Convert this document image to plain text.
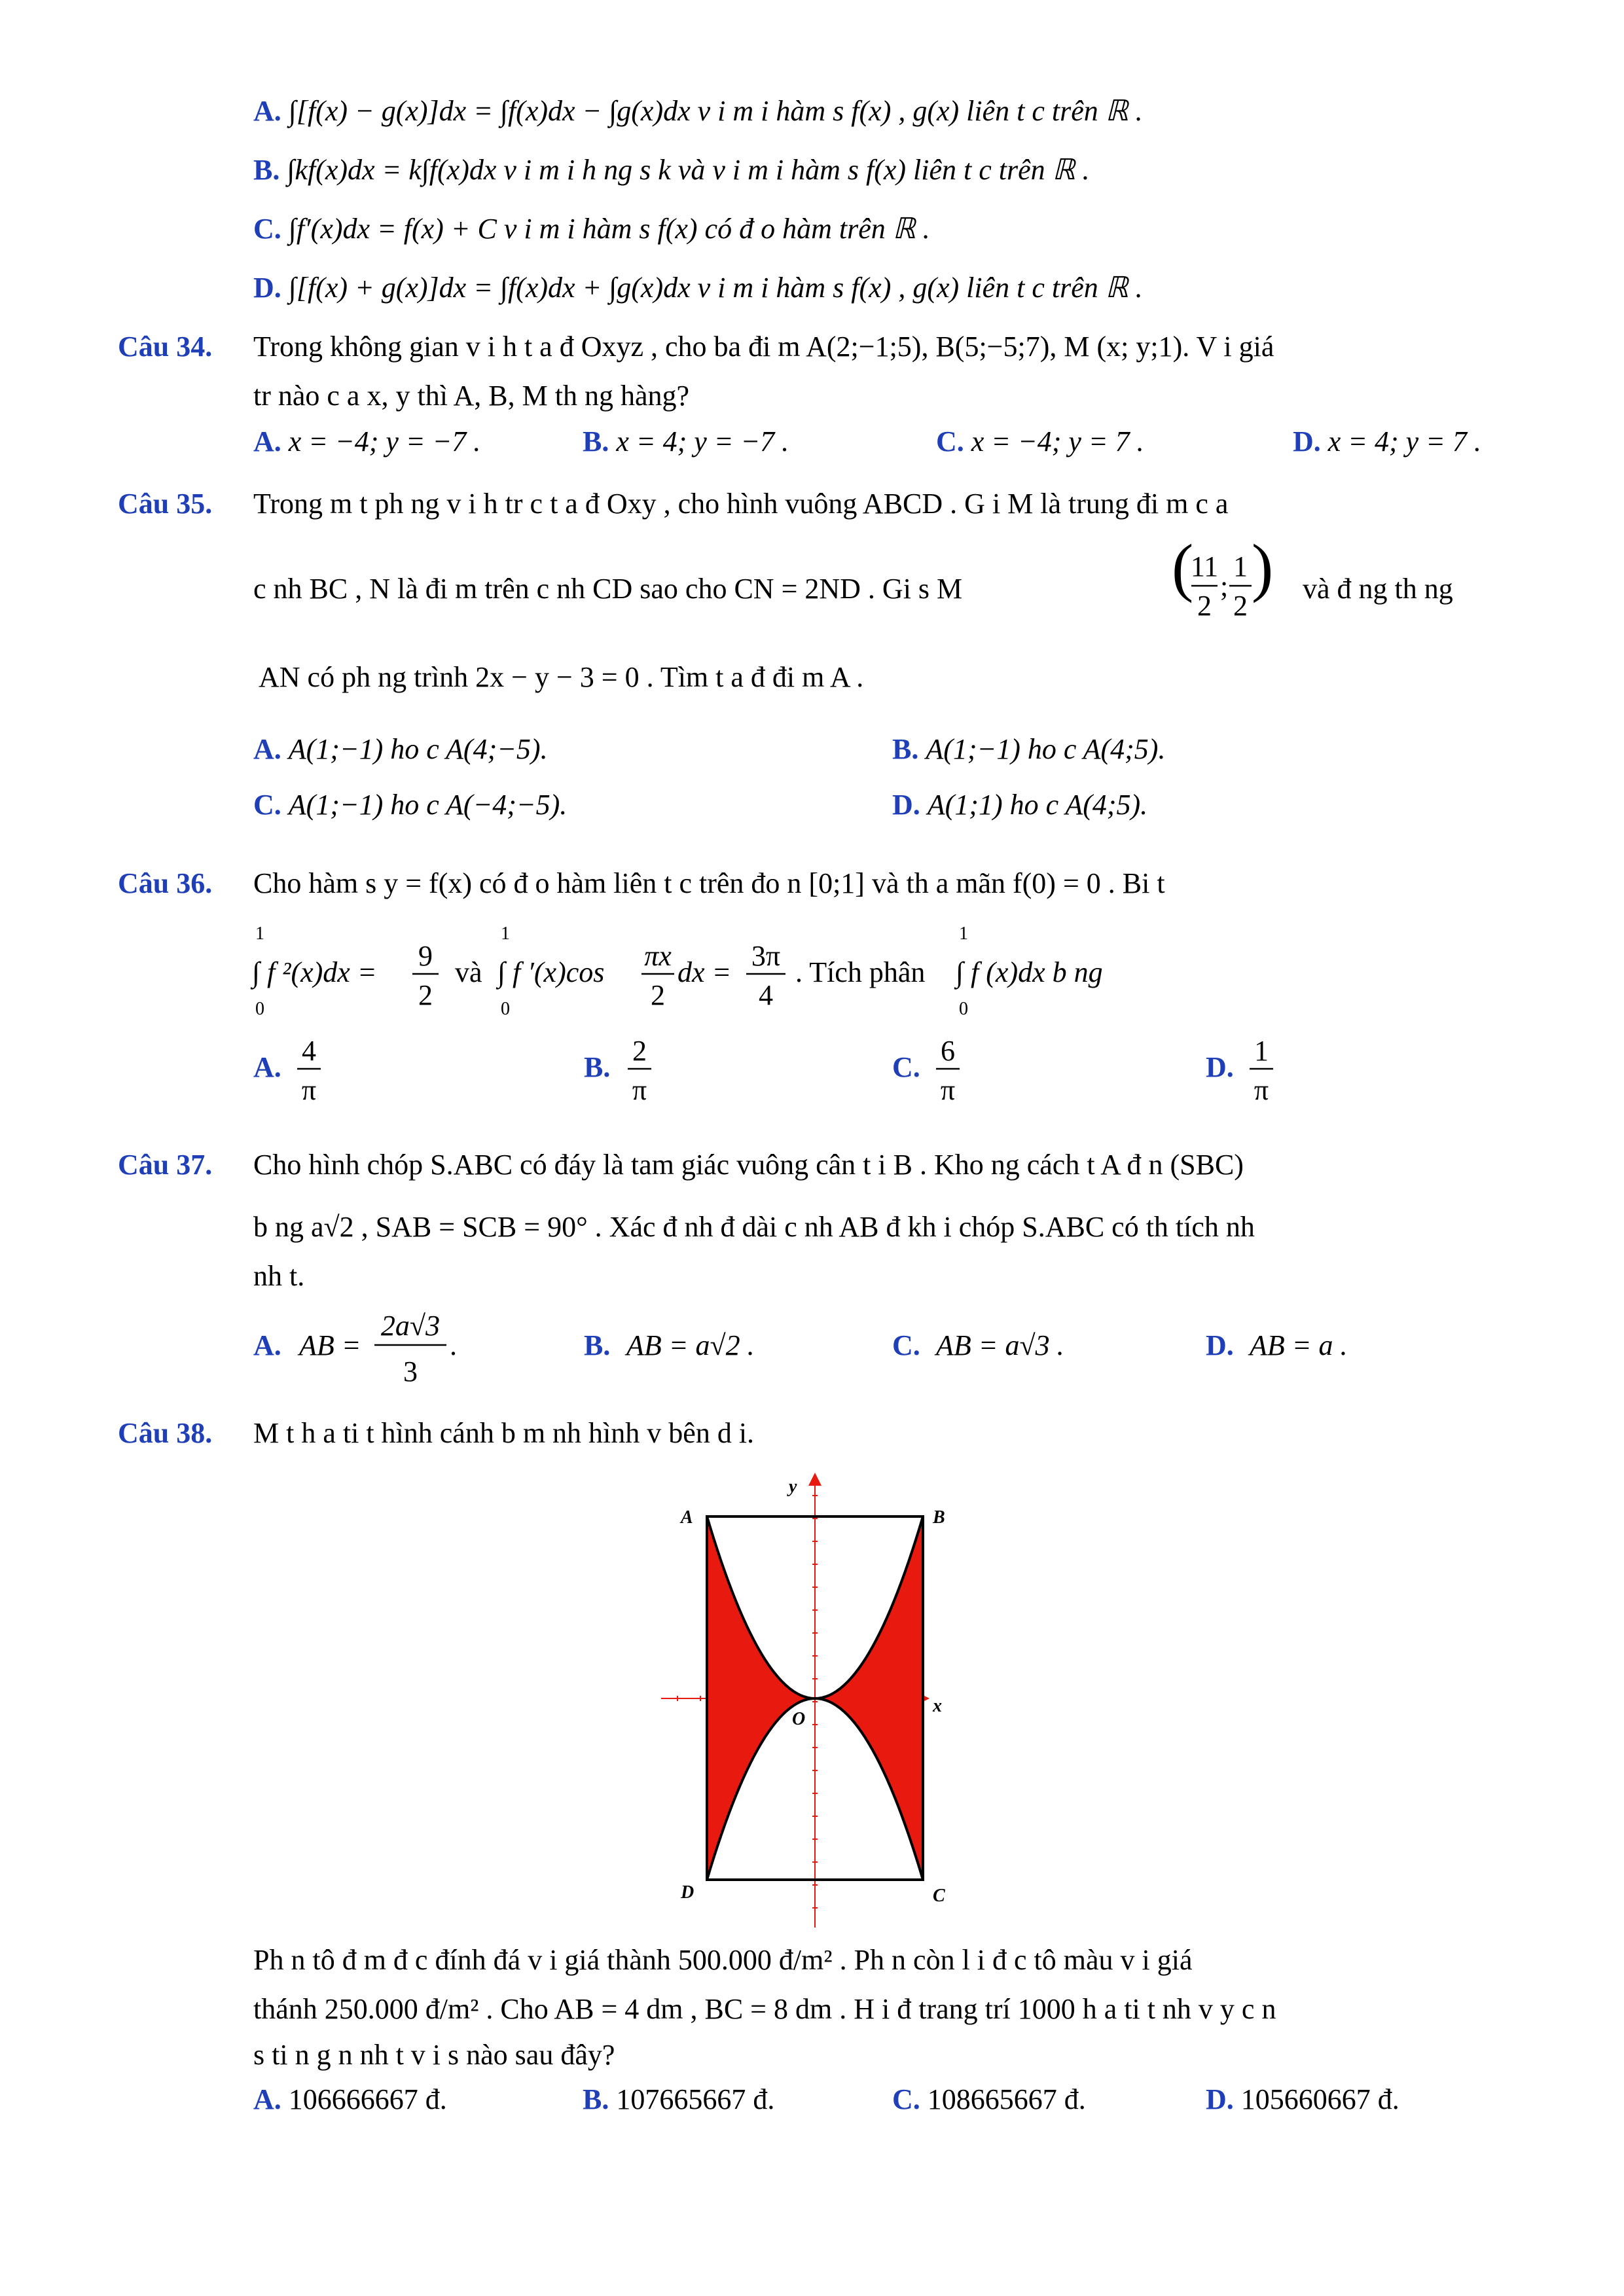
A. ∫[f(x) − g(x)]dx = ∫f(x)dx − ∫g(x)dx v i m i hàm s f(x) , g(x) liên t c trên ℝ .
B. ∫kf(x)dx = k∫f(x)dx v i m i h ng s k và v i m i hàm s f(x) liên t c trên ℝ .
C. ∫f′(x)dx = f(x) + C v i m i hàm s f(x) có đ o hàm trên ℝ .
D. ∫[f(x) + g(x)]dx = ∫f(x)dx + ∫g(x)dx v i m i hàm s f(x) , g(x) liên t c trên ℝ .
Câu 34. Trong không gian v i h t a đ Oxyz , cho ba đi m A(2;−1;5), B(5;−5;7), M (x; y;1). V i giá
tr nào c a x, y thì A, B, M th ng hàng?
A. x = −4; y = −7 .	B. x = 4; y = −7 .	C. x = −4; y = 7 .	D. x = 4; y = 7 .
Câu 35. Trong m t ph ng v i h tr c t a đ Oxy , cho hình vuông ABCD . G i M là trung đi m c a
c nh BC , N là đi m trên c nh CD sao cho CN = 2ND . Gi s M	(
11
2
;
1
2
) và đ ng th ng
AN có ph ng trình 2x − y − 3 = 0 . Tìm t a đ đi m A .
A. A(1;−1) ho c A(4;−5).	B. A(1;−1) ho c A(4;5).
C. A(1;−1) ho c A(−4;−5).	D. A(1;1) ho c A(4;5).
Câu 36. Cho hàm s y = f(x) có đ o hàm liên t c trên đo n [0;1] và th a mãn f(0) = 0 . Bi t
1
0
∫ f ²(x)dx =
9
2
và
1
0
∫ f ′(x)cos
πx
2
dx =
3π
4
. Tích phân
1
0
∫ f (x)dx b ng
A.
4
π
B.
2
π
C.
6
π
D.
1
π
Câu 37. Cho hình chóp S.ABC có đáy là tam giác vuông cân t i B . Kho ng cách t A đ n (SBC)
b ng a√2 , SAB = SCB = 90° . Xác đ nh đ dài c nh AB đ kh i chóp S.ABC có th tích nh
nh t.
A. AB =
2a√3
3
.	B. AB = a√2 .	C. AB = a√3 .	D. AB = a .
Câu 38. M t h a ti t hình cánh b m nh hình v bên d i.
A	B
C
D
O
x
y
Ph n tô đ m đ c đính đá v i giá thành 500.000 đ/m² . Ph n còn l i đ c tô màu v i giá
thánh 250.000 đ/m² . Cho AB = 4 dm , BC = 8 dm . H i đ trang trí 1000 h a ti t nh v y c n
s ti n g n nh t v i s nào sau đây?
A. 106666667 đ.	B. 107665667 đ.	C. 108665667 đ.	D. 105660667 đ.
